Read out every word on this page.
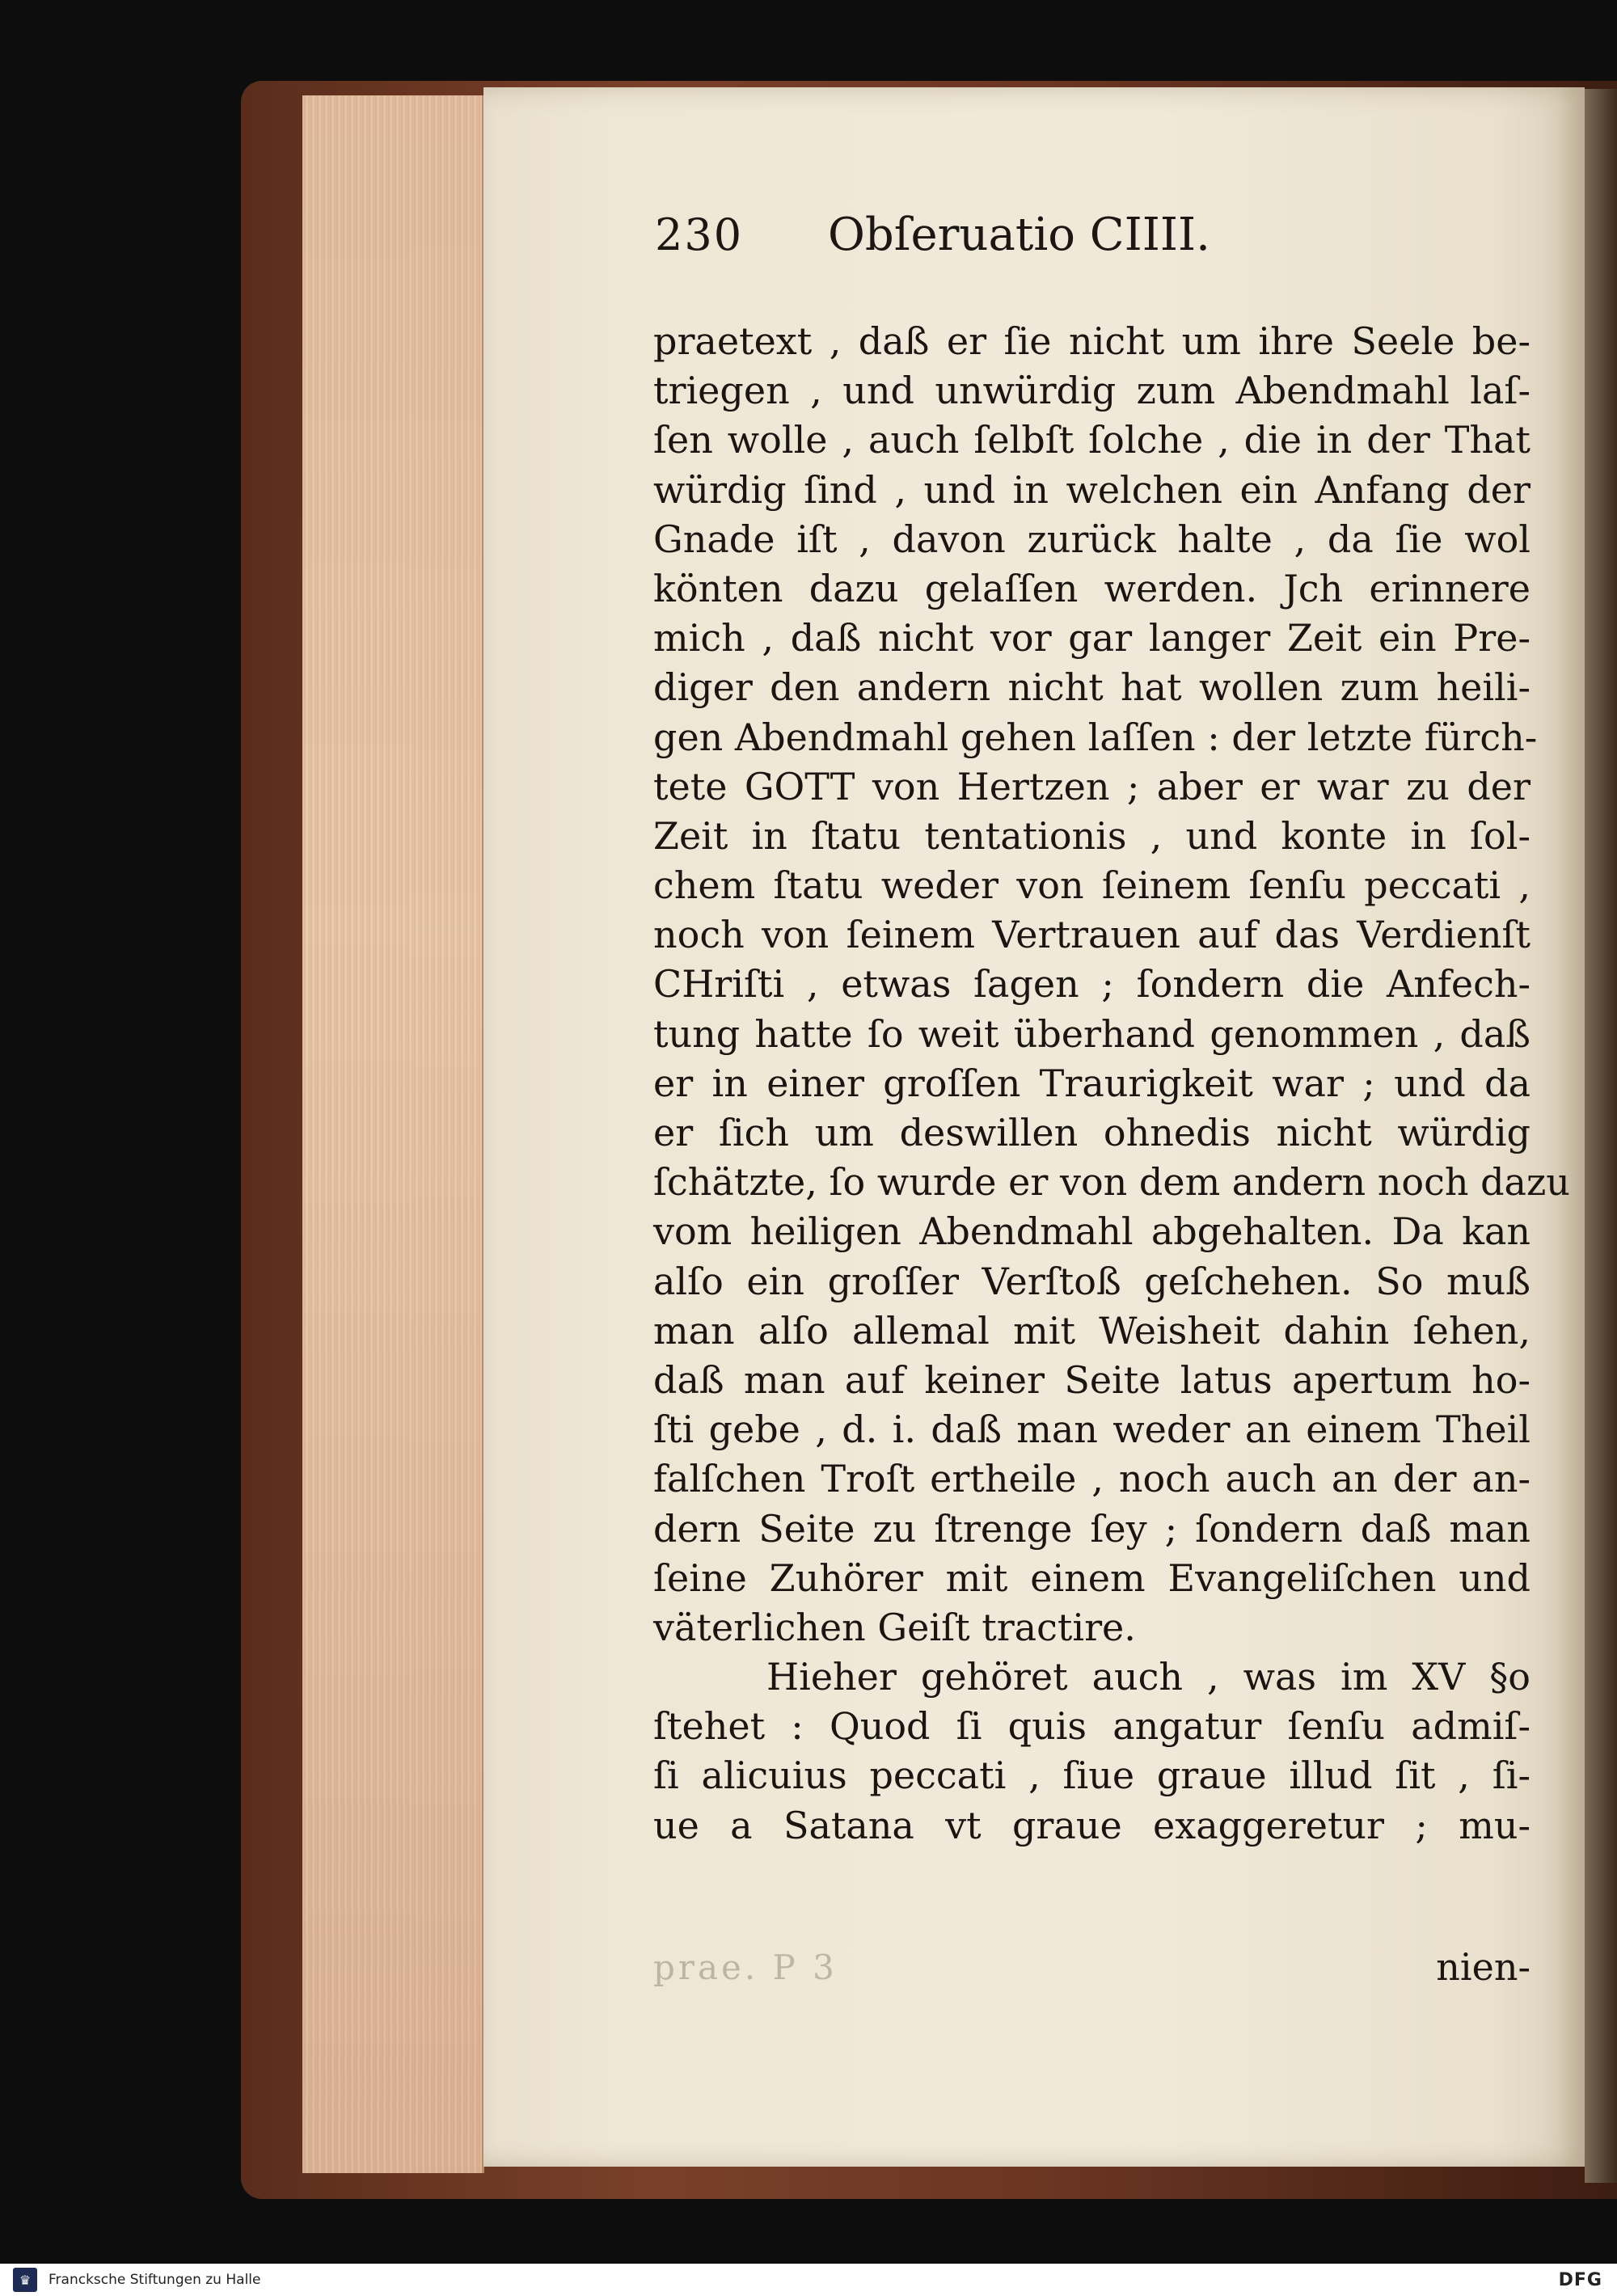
230	Obſeruatio CIIII.
praetext , daß er ſie nicht um ihre Seele be-
triegen , und unwürdig zum Abendmahl laſ-
ſen wolle , auch ſelbſt ſolche , die in der That
würdig ſind , und in welchen ein Anfang der
Gnade iſt , davon zurück halte , da ſie wol
könten dazu gelaſſen werden. Jch erinnere
mich , daß nicht vor gar langer Zeit ein Pre-
diger den andern nicht hat wollen zum heili-
gen Abendmahl gehen laſſen : der letzte fürch-
tete GOTT von Hertzen ; aber er war zu der
Zeit in ſtatu tentationis , und konte in ſol-
chem ſtatu weder von ſeinem ſenſu peccati ,
noch von ſeinem Vertrauen auf das Verdienſt
CHriſti , etwas ſagen ; ſondern die Anfech-
tung hatte ſo weit überhand genommen , daß
er in einer groſſen Traurigkeit war ; und da
er ſich um deswillen ohnedis nicht würdig
ſchätzte, ſo wurde er von dem andern noch dazu
vom heiligen Abendmahl abgehalten. Da kan
alſo ein groſſer Verſtoß geſchehen. So muß
man alſo allemal mit Weisheit dahin ſehen,
daß man auf keiner Seite latus apertum ho-
ſti gebe , d. i. daß man weder an einem Theil
falſchen Troſt ertheile , noch auch an der an-
dern Seite zu ſtrenge ſey ; ſondern daß man
ſeine Zuhörer mit einem Evangeliſchen und
väterlichen Geiſt tractire.
Hieher gehöret auch , was im XV §o
ſtehet : Quod ſi quis angatur ſenſu admiſ-
ſi alicuius peccati , ſiue graue illud ſit , ſi-
ue a Satana vt graue exaggeretur ; mu-
prae. P 3	nien-
♛	Francksche Stiftungen zu Halle	DFG
